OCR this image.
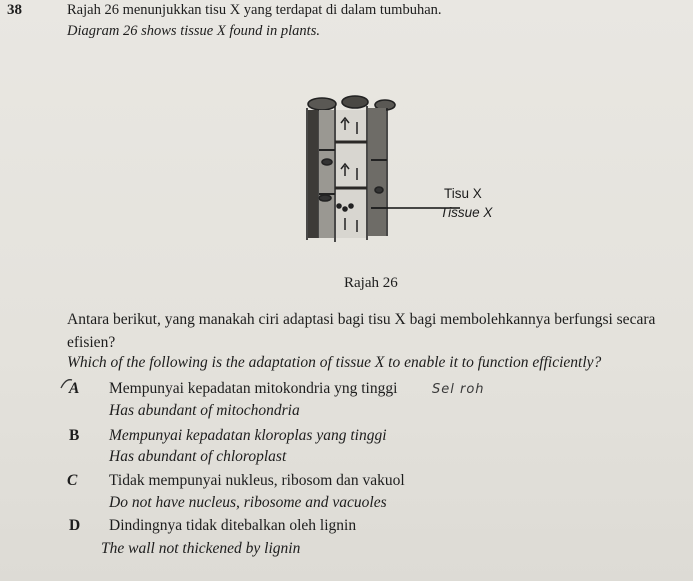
38	Rajah 26 menunjukkan tisu X yang terdapat di dalam tumbuhan.
Diagram 26 shows tissue X found in plants.
Tisu X
Tissue X
Rajah 26
Antara berikut, yang manakah ciri adaptasi bagi tisu X bagi membolehkannya berfungsi secara
efisien?
Which of the following is the adaptation of tissue X to enable it to function efficiently?
A Mempunyai kepadatan mitokondria yng tinggi	Sel roh
Has abundant of mitochondria
B Mempunyai kepadatan kloroplas yang tinggi
Has abundant of chloroplast
C Tidak mempunyai nukleus, ribosom dan vakuol
Do not have nucleus, ribosome and vacuoles
D Dindingnya tidak ditebalkan oleh lignin
The wall not thickened by lignin
